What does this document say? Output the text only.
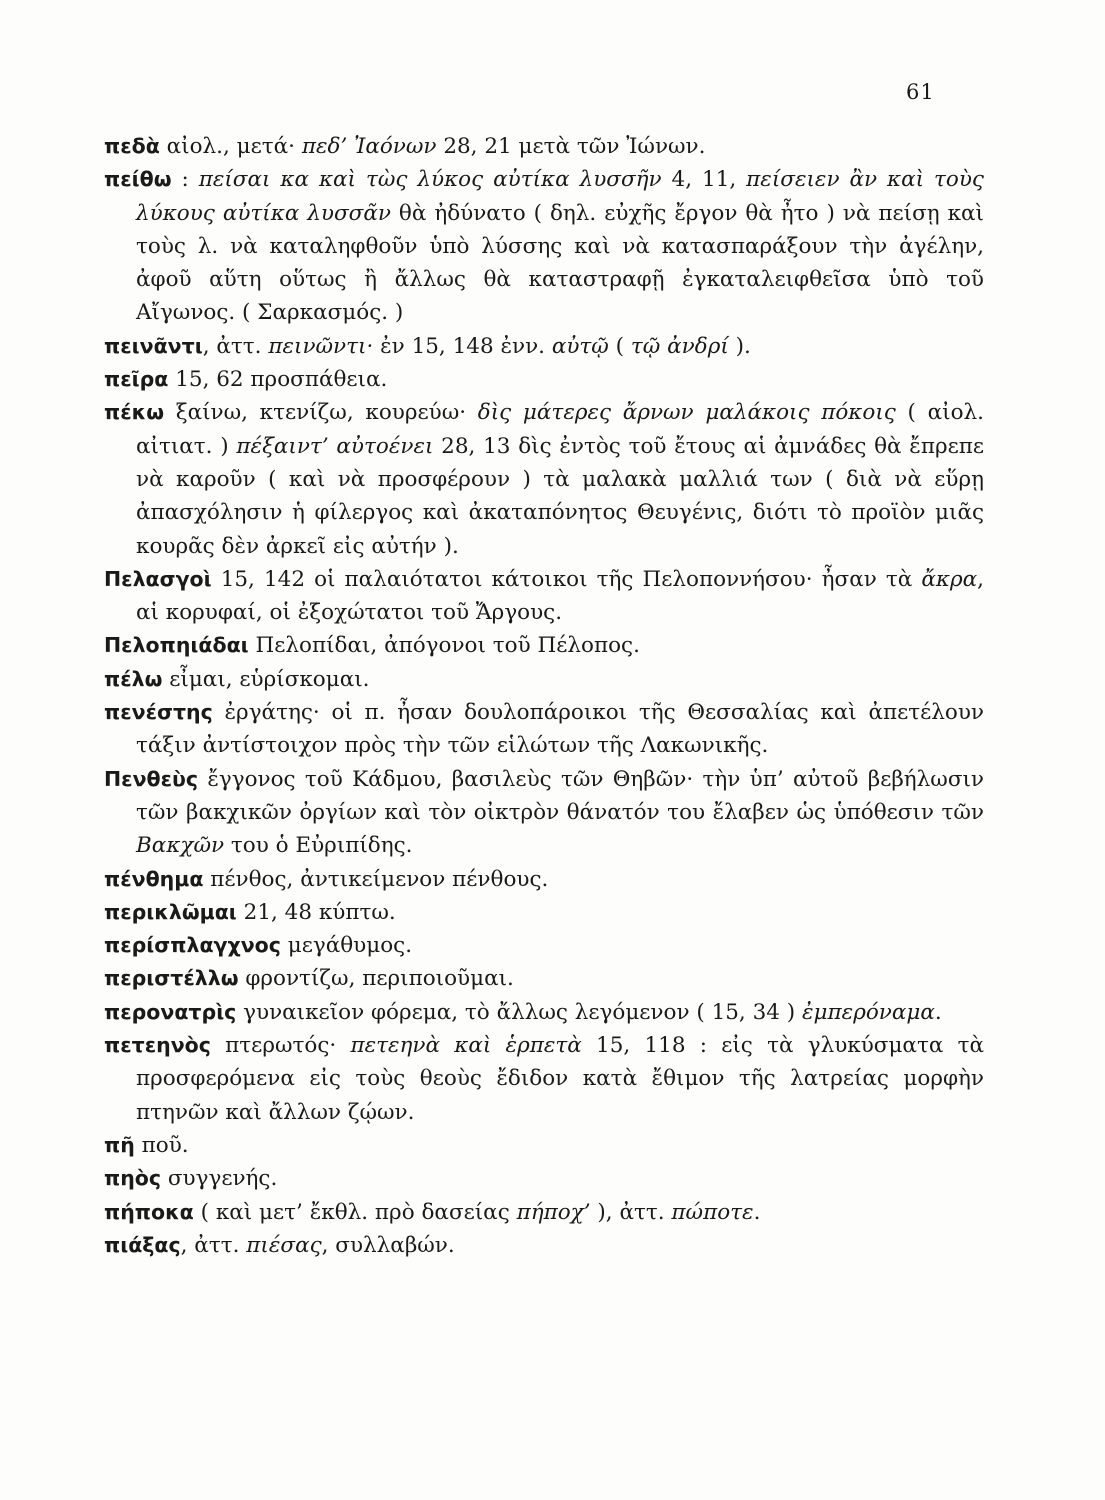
61
πεδὰ αἰολ., μετά· πεδ’ Ἰαόνων 28, 21 μετὰ τῶν Ἰώνων.
πείθω : πείσαι κα καὶ τὼς λύκος αὐτίκα λυσσῆν 4, 11, πείσειεν ἂν καὶ τοὺς λύκους αὐτίκα λυσσᾶν θὰ ἠδύνατο ( δηλ. εὐχῆς ἔργον θὰ ἦτο ) νὰ πείσῃ καὶ τοὺς λ. νὰ καταληφθοῦν ὑπὸ λύσσης καὶ νὰ κατασπαράξουν τὴν ἀγέλην, ἀφοῦ αὕτη οὕτως ἢ ἄλλως θὰ καταστραφῇ ἐγκαταλειφθεῖσα ὑπὸ τοῦ Αἴγωνος. ( Σαρκασμός. )
πεινᾶντι, ἀττ. πεινῶντι· ἐν 15, 148 ἐνν. αὐτῷ ( τῷ ἀνδρί ).
πεῖρα 15, 62 προσπάθεια.
πέκω ξαίνω, κτενίζω, κουρεύω· δὶς μάτερες ἄρνων μαλάκοις πόκοις ( αἰολ. αἰτιατ. ) πέξαιντ’ αὐτοένει 28, 13 δὶς ἐντὸς τοῦ ἔτους αἱ ἀμνάδες θὰ ἔπρεπε νὰ καροῦν ( καὶ νὰ προσφέρουν ) τὰ μαλακὰ μαλλιά των ( διὰ νὰ εὕρῃ ἀπασχόλησιν ἡ φίλεργος καὶ ἀκαταπόνητος Θευγένις, διότι τὸ προϊὸν μιᾶς κουρᾶς δὲν ἀρκεῖ εἰς αὐτήν ).
Πελασγοὶ 15, 142 οἱ παλαιότατοι κάτοικοι τῆς Πελοποννήσου· ἦσαν τὰ ἄκρα, αἱ κορυφαί, οἱ ἐξοχώτατοι τοῦ Ἄργους.
Πελοπηιάδαι Πελοπίδαι, ἀπόγονοι τοῦ Πέλοπος.
πέλω εἶμαι, εὑρίσκομαι.
πενέστης ἐργάτης· οἱ π. ἦσαν δουλοπάροικοι τῆς Θεσσαλίας καὶ ἀπετέλουν τάξιν ἀντίστοιχον πρὸς τὴν τῶν εἱλώτων τῆς Λακωνικῆς.
Πενθεὺς ἔγγονος τοῦ Κάδμου, βασιλεὺς τῶν Θηβῶν· τὴν ὑπ’ αὐτοῦ βεβήλωσιν τῶν βακχικῶν ὀργίων καὶ τὸν οἰκτρὸν θάνατόν του ἔλαβεν ὡς ὑπόθεσιν τῶν Βακχῶν του ὁ Εὐριπίδης.
πένθημα πένθος, ἀντικείμενον πένθους.
περικλῶμαι 21, 48 κύπτω.
περίσπλαγχνος μεγάθυμος.
περιστέλλω φροντίζω, περιποιοῦμαι.
περονατρὶς γυναικεῖον φόρεμα, τὸ ἄλλως λεγόμενον ( 15, 34 ) ἐμπερόναμα.
πετεηνὸς πτερωτός· πετεηνὰ καὶ ἑρπετὰ 15, 118 : εἰς τὰ γλυκύσματα τὰ προσφερόμενα εἰς τοὺς θεοὺς ἔδιδον κατὰ ἔθιμον τῆς λατρείας μορφὴν πτηνῶν καὶ ἄλλων ζῴων.
πῆ ποῦ.
πηὸς συγγενής.
πήποκα ( καὶ μετ’ ἔκθλ. πρὸ δασείας πήποχ’ ), ἀττ. πώποτε.
πιάξας, ἀττ. πιέσας, συλλαβών.
